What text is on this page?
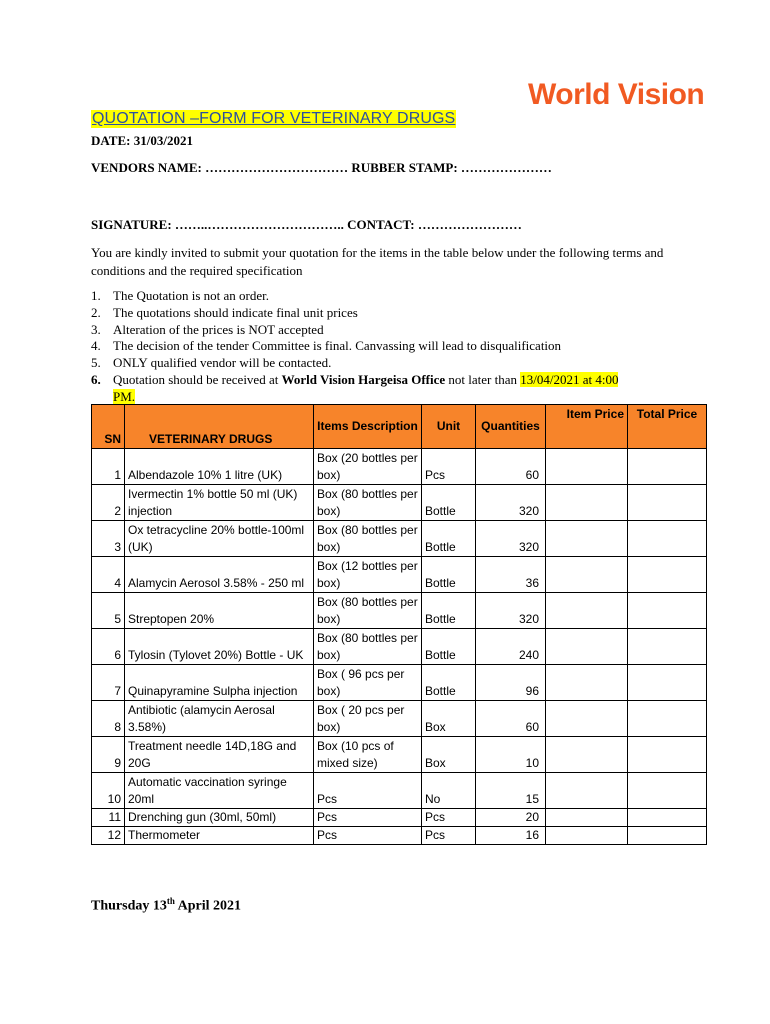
World Vision
QUOTATION –FORM FOR VETERINARY DRUGS
DATE: 31/03/2021
VENDORS NAME: …………………………… RUBBER STAMP: …………………
SIGNATURE: ……..………………………….. CONTACT: ……………………
You are kindly invited to submit your quotation for the items in the table below under the following terms and conditions and the required specification
1. The Quotation is not an order.
2. The quotations should indicate final unit prices
3. Alteration of the prices is NOT accepted
4. The decision of the tender Committee is final. Canvassing will lead to disqualification
5. ONLY qualified vendor will be contacted.
6. Quotation should be received at World Vision Hargeisa Office not later than 13/04/2021 at 4:00
PM.
SN	VETERINARY DRUGS	Items Description	Unit	Quantities	Item Price	Total Price
1	Albendazole 10% 1 litre (UK)	Box (20 bottles per box)	Pcs	60		
2	Ivermectin 1% bottle 50 ml (UK) injection	Box (80 bottles per box)	Bottle	320		
3	Ox tetracycline 20% bottle-100ml (UK)	Box (80 bottles per box)	Bottle	320		
4	Alamycin Aerosol 3.58% - 250 ml	Box (12 bottles per box)	Bottle	36		
5	Streptopen 20%	Box (80 bottles per box)	Bottle	320		
6	Tylosin (Tylovet 20%) Bottle - UK	Box (80 bottles per box)	Bottle	240		
7	Quinapyramine Sulpha injection	Box ( 96 pcs per box)	Bottle	96		
8	Antibiotic (alamycin Aerosal 3.58%)	Box ( 20 pcs per box)	Box	60		
9	Treatment needle 14D,18G and 20G	Box (10 pcs of mixed size)	Box	10		
10	Automatic vaccination syringe 20ml	Pcs	No	15		
11	Drenching gun (30ml, 50ml)	Pcs	Pcs	20		
12	Thermometer	Pcs	Pcs	16		
Thursday 13th April 2021
